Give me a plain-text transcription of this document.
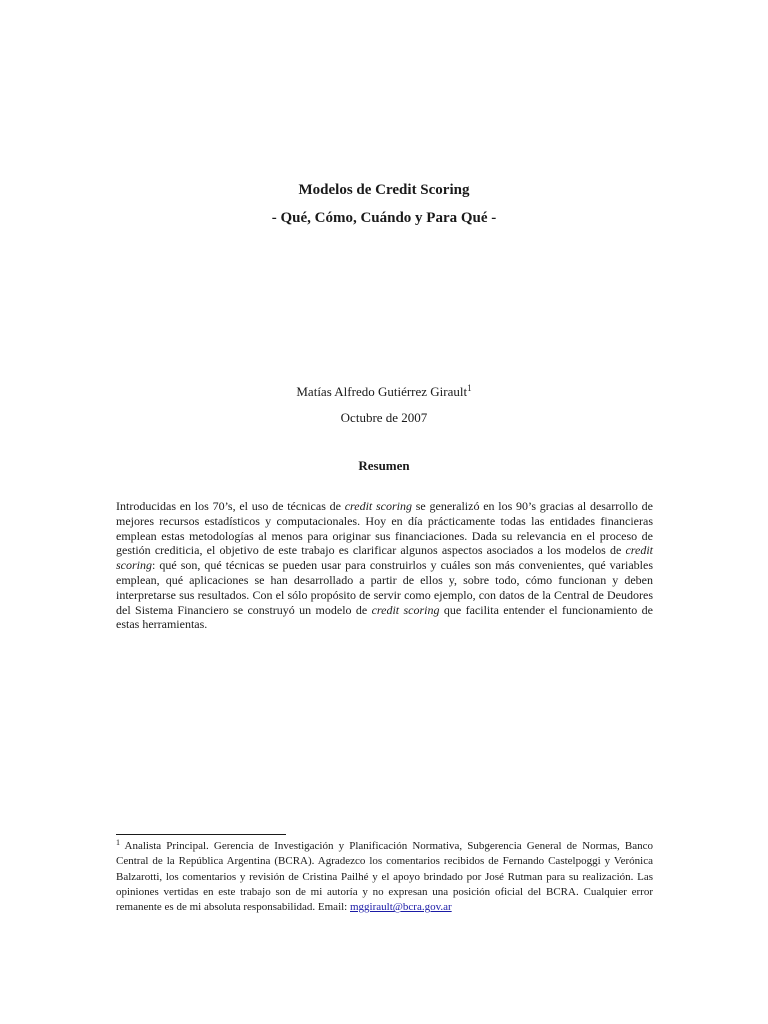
Modelos de Credit Scoring
- Qué, Cómo, Cuándo y Para Qué -
Matías Alfredo Gutiérrez Girault$^1$
Octubre de 2007
Resumen

Introducidas en los 70’s, el uso de técnicas de credit scoring se generalizó en los 90’s gracias al desarrollo de mejores recursos estadísticos y computacionales. Hoy en día prácticamente todas las entidades financieras emplean estas metodologías al menos para originar sus financiaciones. Dada su relevancia en el proceso de gestión crediticia, el objetivo de este trabajo es clarificar algunos aspectos asociados a los modelos de credit scoring: qué son, qué técnicas se pueden usar para construirlos y cuáles son más convenientes, qué variables emplean, qué aplicaciones se han desarrollado a partir de ellos y, sobre todo, cómo funcionan y deben interpretarse sus resultados. Con el sólo propósito de servir como ejemplo, con datos de la Central de Deudores del Sistema Financiero se construyó un modelo de credit scoring que facilita entender el funcionamiento de estas herramientas.

$^1$ Analista Principal. Gerencia de Investigación y Planificación Normativa, Subgerencia General de Normas, Banco Central de la República Argentina (BCRA). Agradezco los comentarios recibidos de Fernando Castelpoggi y Verónica Balzarotti, los comentarios y revisión de Cristina Pailhé y el apoyo brindado por José Rutman para su realización. Las opiniones vertidas en este trabajo son de mi autoría y no expresan una posición oficial del BCRA. Cualquier error remanente es de mi absoluta responsabilidad. Email: mggirault@bcra.gov.ar
